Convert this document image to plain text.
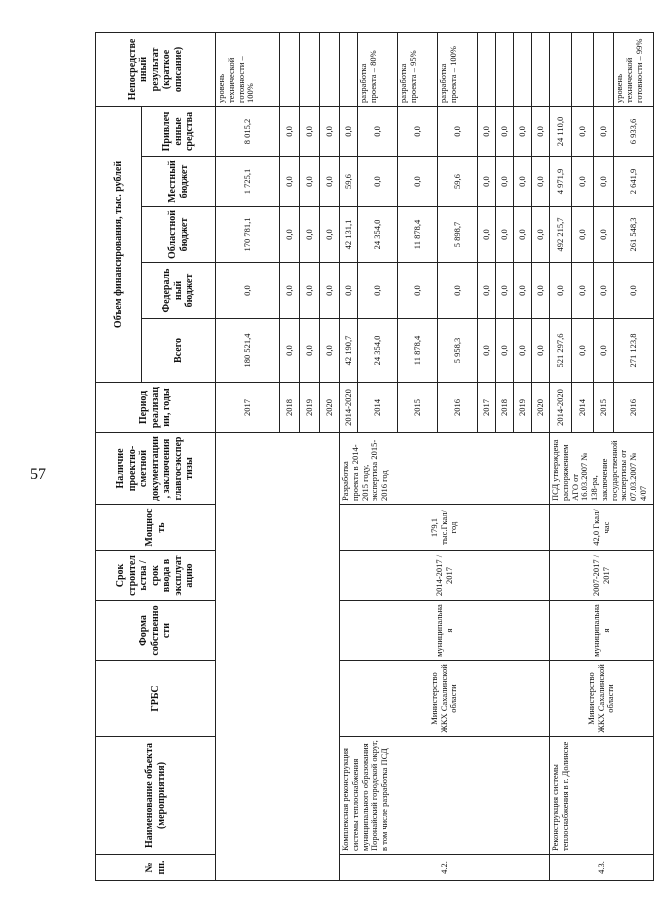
57
№ пп.	Наименование объекта (мероприятия)	ГРБС	Форма собственности	Срок строительства / срок ввода в эксплуатацию	Мощность	Наличие проектно-сметной документации, заключения главгосэкспертизы	Период реализации, годы	Объем финансирования, тыс. рублей					Непосредственный результат (краткое описание)
								Всего	Федеральный бюджет	Областной бюджет	Местный бюджет	Привлеченные средства	
							2017	180 521,4	0,0	170 781,1	1 725,1	8 015,2	уровень технической готовности – 100%
							2018	0,0	0,0	0,0	0,0	0,0	
							2019	0,0	0,0	0,0	0,0	0,0	
							2020	0,0	0,0	0,0	0,0	0,0	
4.2.	Комплексная реконструкция системы теплоснабжения муниципального образования Поронайский городской округ, в том числе разработка ПСД	Министерство ЖКХ Сахалинской области	муниципальная	2014-2017 / 2017	179,1 тыс.Гкал/год	Разработка проекта в 2014-2015 году, экспертиза 2015-2016 год	2014-2020	42 190,7	0,0	42 131,1	59,6	0,0	
							2014	24 354,0	0,0	24 354,0	0,0	0,0	разработка проекта – 80%
							2015	11 878,4	0,0	11 878,4	0,0	0,0	разработка проекта – 95%
							2016	5 958,3	0,0	5 898,7	59,6	0,0	разработка проекта – 100%
							2017	0,0	0,0	0,0	0,0	0,0	
							2018	0,0	0,0	0,0	0,0	0,0	
							2019	0,0	0,0	0,0	0,0	0,0	
							2020	0,0	0,0	0,0	0,0	0,0	
4.3.	Реконструкция системы теплоснабжения в г. Долинске	Министерство ЖКХ Сахалинской области	муниципальная	2007-2017 / 2017	42,0 Гкал/час	ПСД утверждена распоряжением АГО от 16.03.2007 № 138-ра, заключение государственной экспертизы от 07.03.2007 № 4/07	2014-2020	521 297,6	0,0	492 215,7	4 971,9	24 110,0	
							2014	0,0	0,0	0,0	0,0	0,0	
							2015	0,0	0,0	0,0	0,0	0,0	
							2016	271 123,8	0,0	261 548,3	2 641,9	6 933,6	уровень технической готовности – 99%
